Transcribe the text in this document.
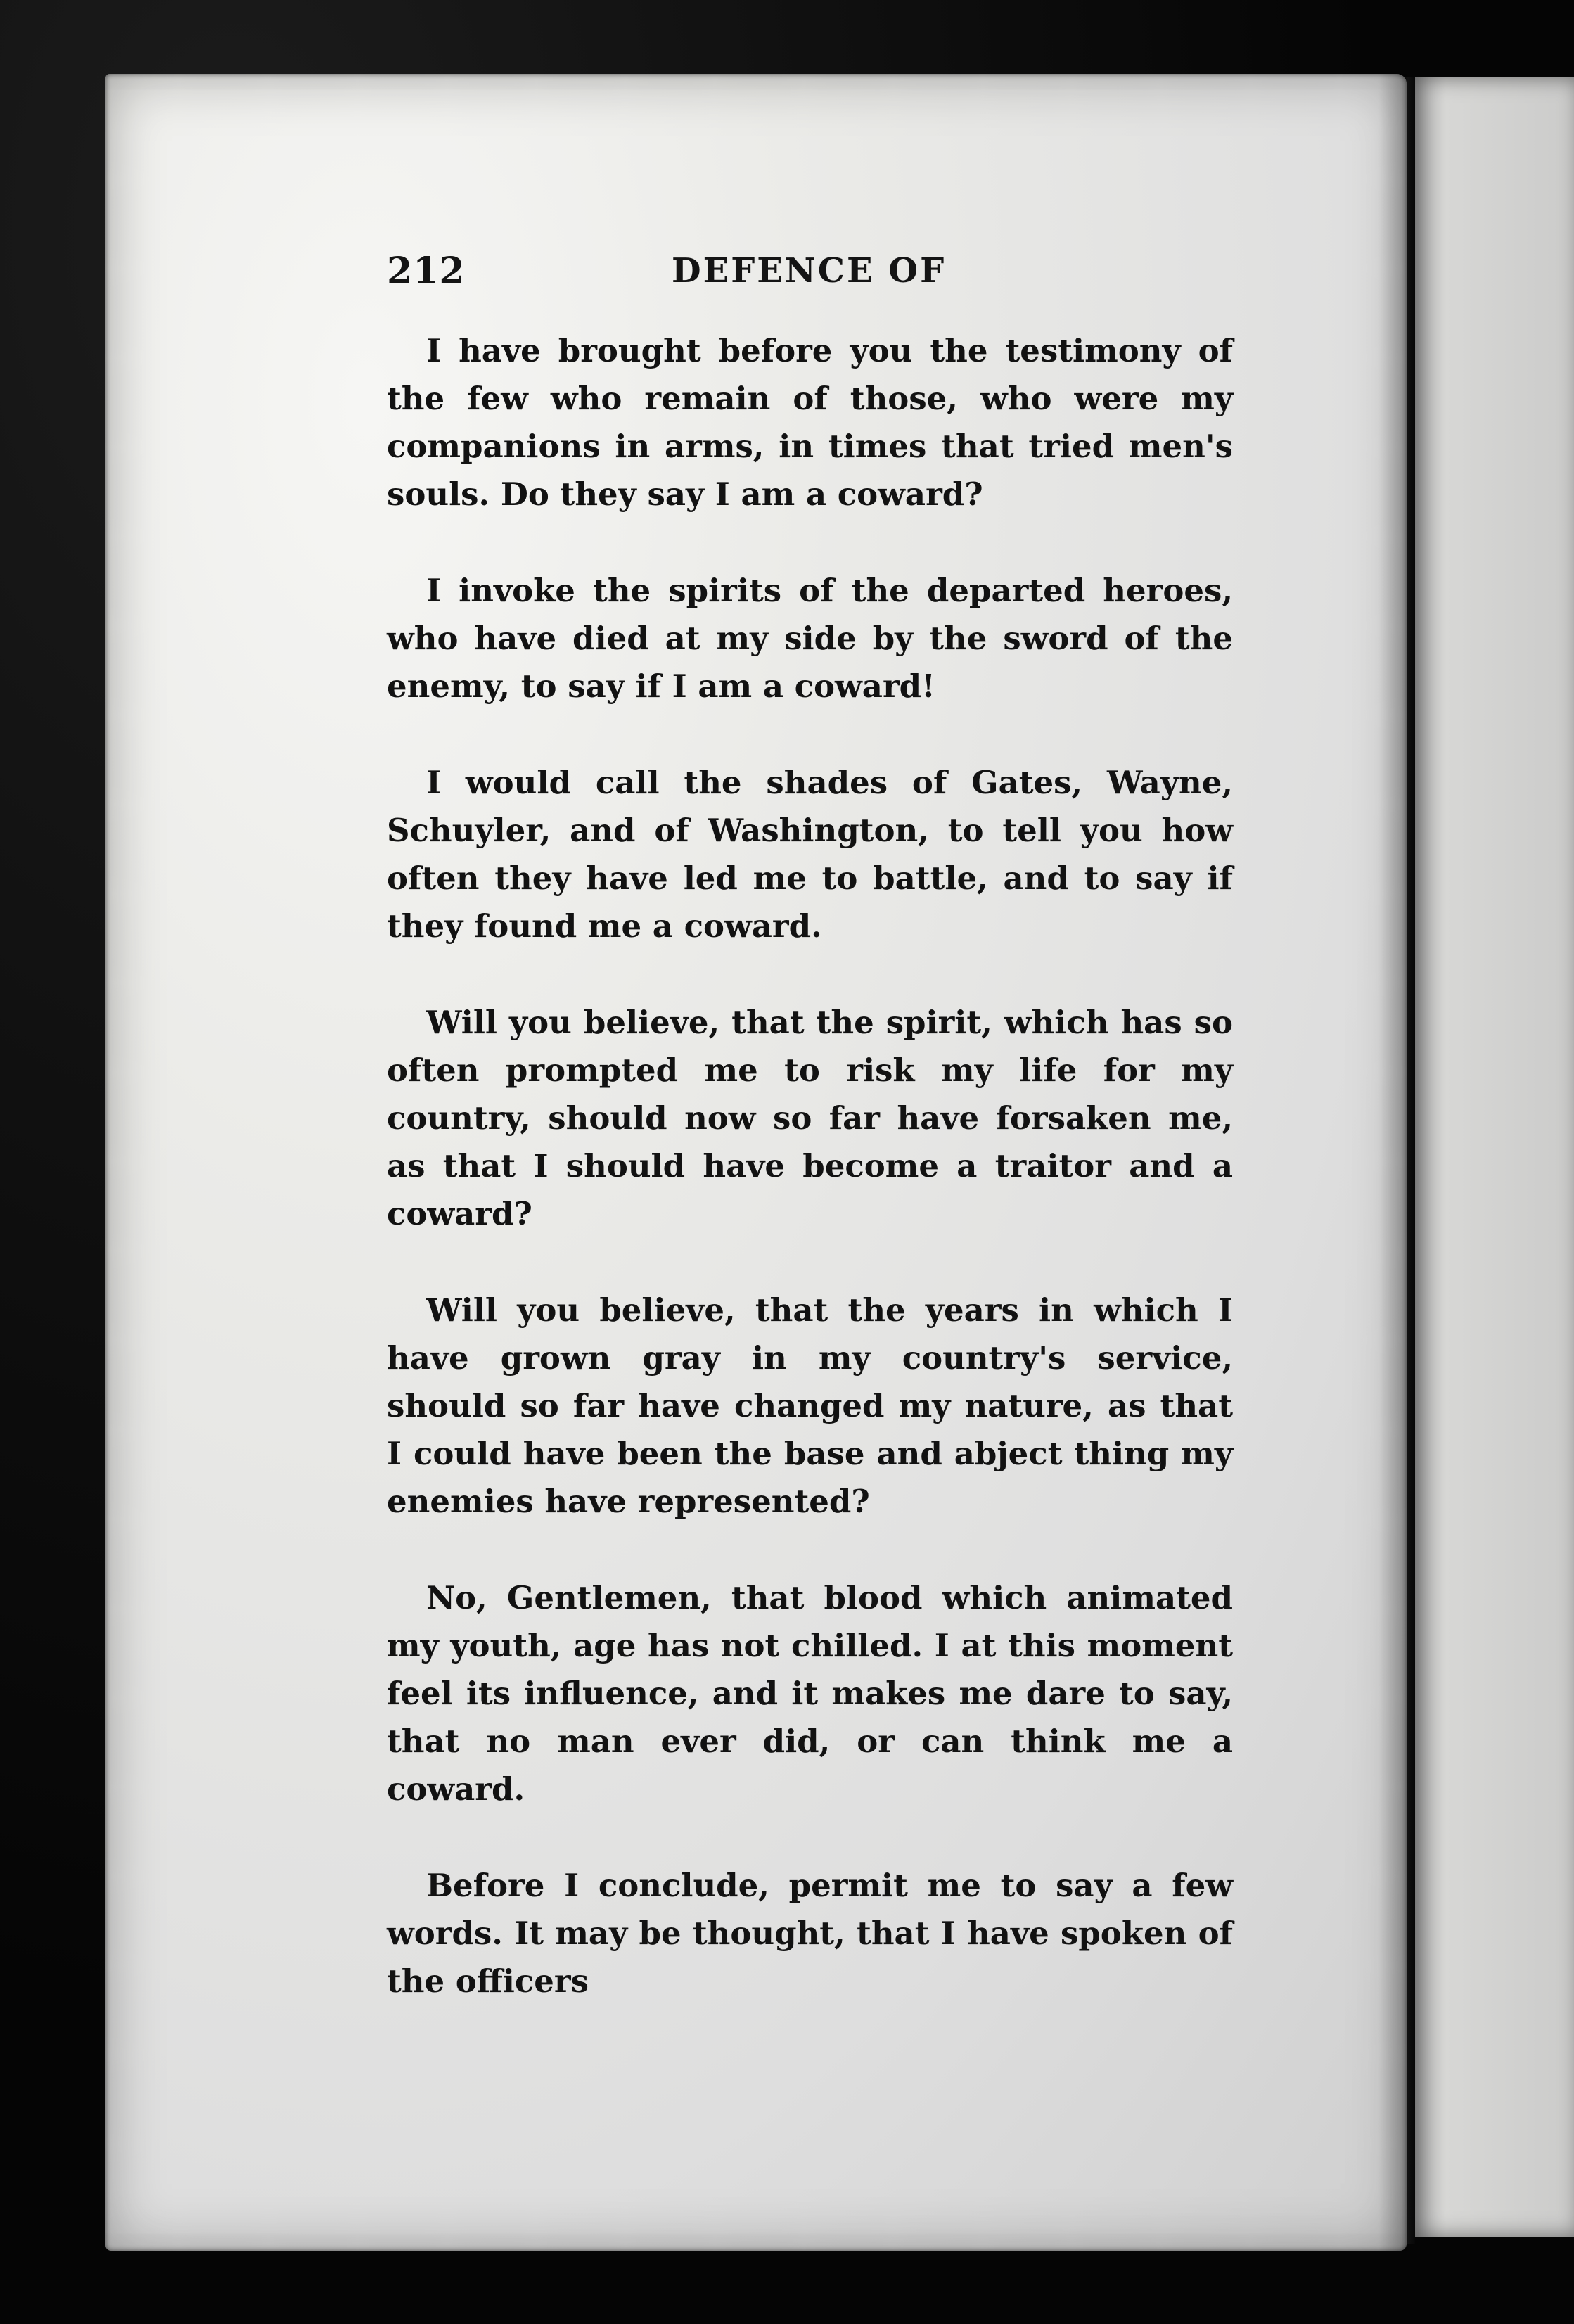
212	DEFENCE OF

I have brought before you the testimony of the few who remain of those, who were my companions in arms, in times that tried men's souls. Do they say I am a coward?

I invoke the spirits of the departed heroes, who have died at my side by the sword of the enemy, to say if I am a coward!

I would call the shades of Gates, Wayne, Schuyler, and of Washington, to tell you how often they have led me to battle, and to say if they found me a coward.

Will you believe, that the spirit, which has so often prompted me to risk my life for my country, should now so far have forsaken me, as that I should have become a traitor and a coward?

Will you believe, that the years in which I have grown gray in my country's service, should so far have changed my nature, as that I could have been the base and abject thing my enemies have represented?

No, Gentlemen, that blood which animated my youth, age has not chilled. I at this moment feel its influence, and it makes me dare to say, that no man ever did, or can think me a coward.

Before I conclude, permit me to say a few words. It may be thought, that I have spoken of the officers
